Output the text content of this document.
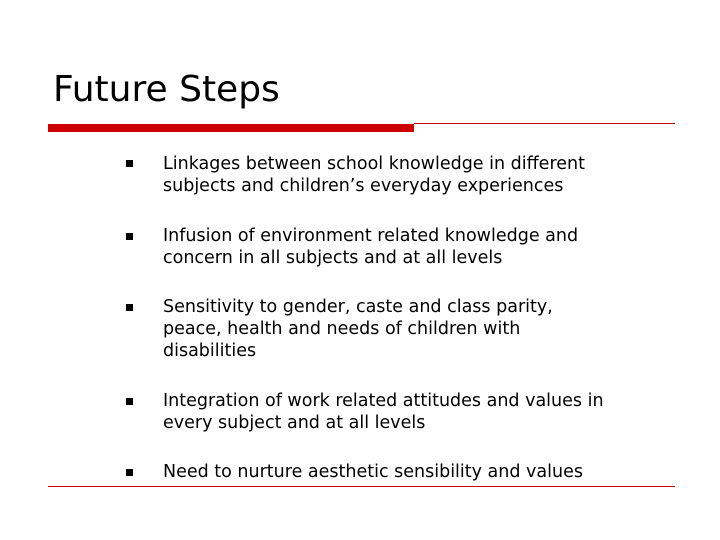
Future Steps
Linkages between school knowledge in different
subjects and children’s everyday experiences
Infusion of environment related knowledge and
concern in all subjects and at all levels
Sensitivity to gender, caste and class parity,
peace, health and needs of children with
disabilities
Integration of work related attitudes and values in
every subject and at all levels
Need to nurture aesthetic sensibility and values
